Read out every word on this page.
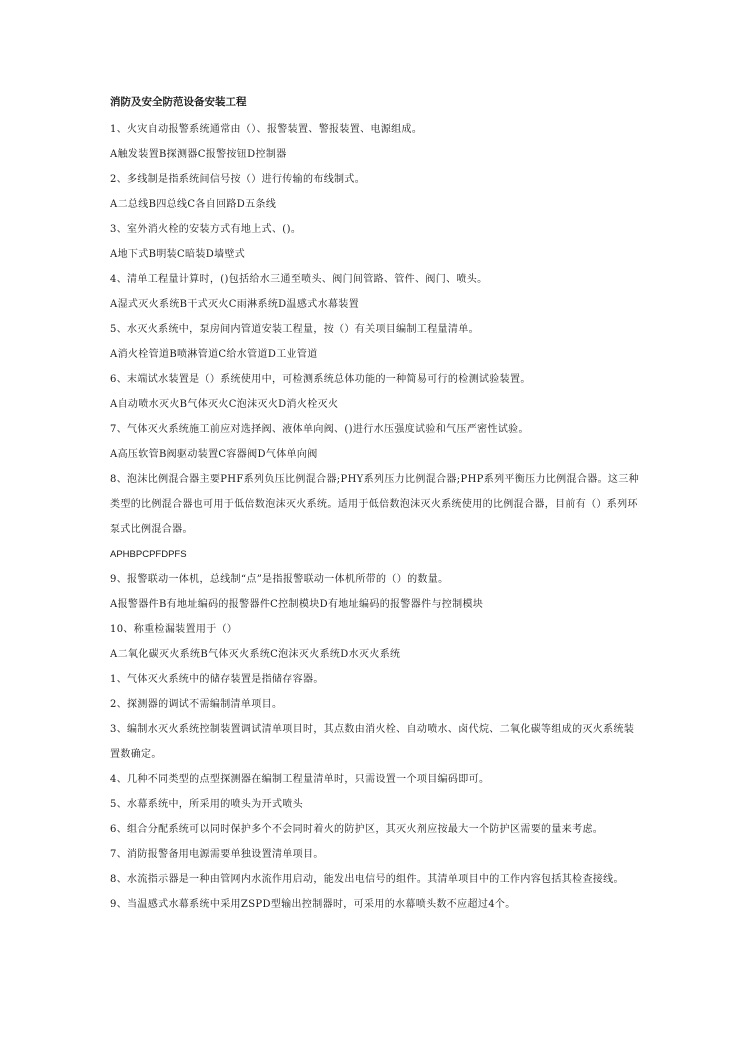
消防及安全防范设备安装工程

1、火灾自动报警系统通常由（）、报警装置、警报装置、电源组成。

A触发装置B探测器C报警按钮D控制器

2、多线制是指系统间信号按（）进行传输的布线制式。

A二总线B四总线C各自回路D五条线

3、室外消火栓的安装方式有地上式、()。

A地下式B明装C暗装D墙壁式

4、清单工程量计算时，()包括给水三通至喷头、阀门间管路、管件、阀门、喷头。

A湿式灭火系统B干式灭火C雨淋系统D温感式水幕装置

5、水灭火系统中，泵房间内管道安装工程量，按（）有关项目编制工程量清单。

A消火栓管道B喷淋管道C给水管道D工业管道

6、末端试水装置是（）系统使用中，可检测系统总体功能的一种简易可行的检测试验装置。

A自动喷水灭火B气体灭火C泡沫灭火D消火栓灭火

7、气体灭火系统施工前应对选择阀、液体单向阀、()进行水压强度试验和气压严密性试验。

A高压软管B阀驱动装置C容器阀D气体单向阀

8、泡沫比例混合器主要PHF系列负压比例混合器;PHY系列压力比例混合器;PHP系列平衡压力比例混合器。这三种类型的比例混合器也可用于低倍数泡沫灭火系统。适用于低倍数泡沫灭火系统使用的比例混合器，目前有（）系列环泵式比例混合器。

APHBPCPFDPFS

9、报警联动一体机，总线制“点”是指报警联动一体机所带的（）的数量。

A报警器件B有地址编码的报警器件C控制模块D有地址编码的报警器件与控制模块

10、称重检漏装置用于（）

A二氧化碳灭火系统B气体灭火系统C泡沫灭火系统D水灭火系统

1、气体灭火系统中的储存装置是指储存容器。

2、探测器的调试不需编制清单项目。

3、编制水灭火系统控制装置调试清单项目时，其点数由消火栓、自动喷水、卤代烷、二氧化碳等组成的灭火系统装置数确定。

4、几种不同类型的点型探测器在编制工程量清单时，只需设置一个项目编码即可。

5、水幕系统中，所采用的喷头为开式喷头

6、组合分配系统可以同时保护多个不会同时着火的防护区，其灭火剂应按最大一个防护区需要的量来考虑。

7、消防报警备用电源需要单独设置清单项目。

8、水流指示器是一种由管网内水流作用启动，能发出电信号的组件。其清单项目中的工作内容包括其检查接线。

9、当温感式水幕系统中采用ZSPD型输出控制器时，可采用的水幕喷头数不应超过4个。
